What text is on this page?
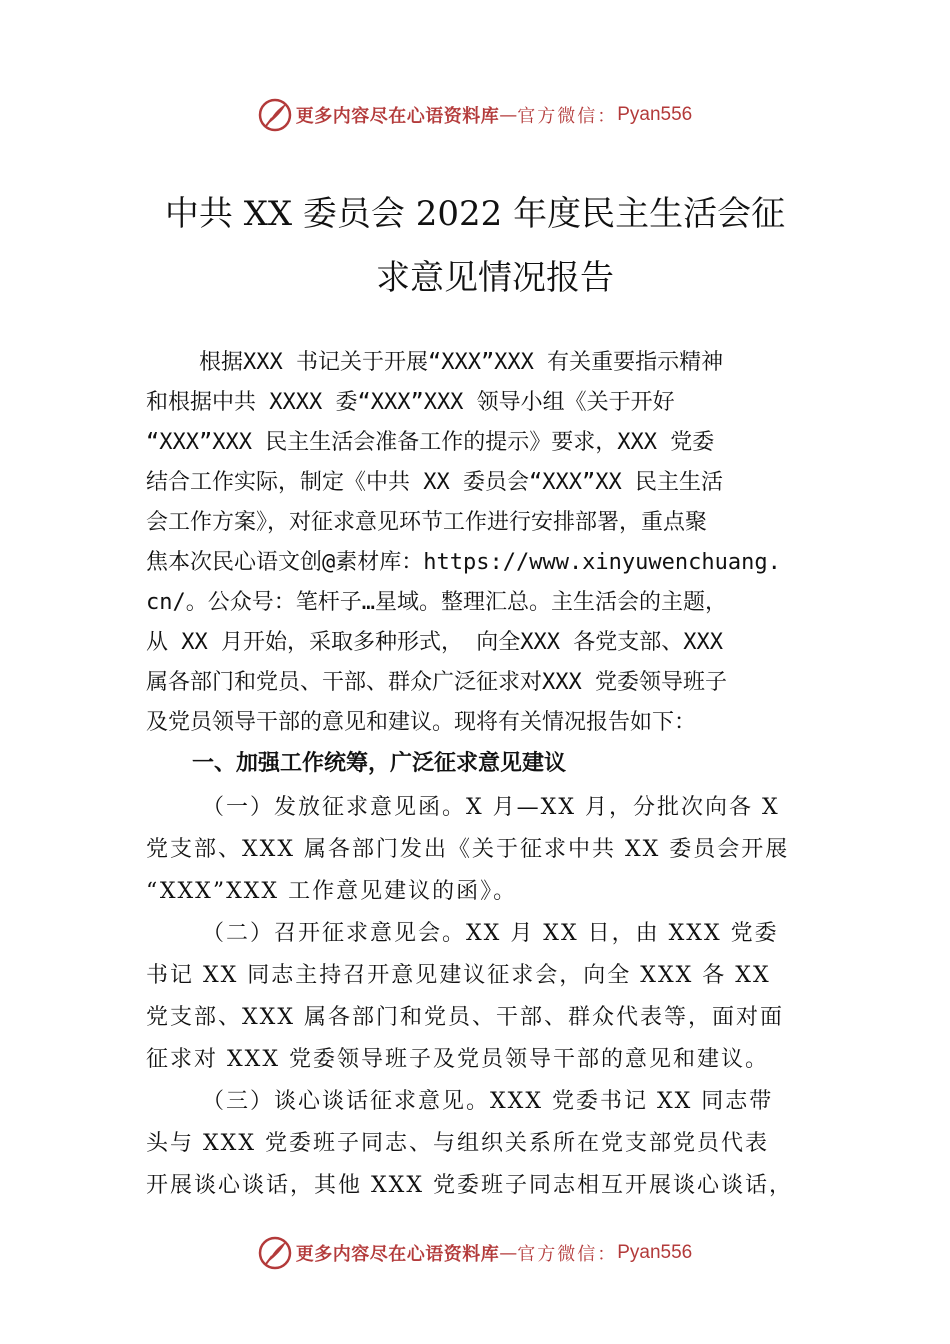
更多内容尽在心语资料库 — 官方微信： Pyan556
中共 XX 委员会 2022 年度民主生活会征
求意见情况报告
根据XXX 书记关于开展“XXX”XXX 有关重要指示精神
和根据中共 XXXX 委“XXX”XXX 领导小组《关于开好
“XXX”XXX 民主生活会准备工作的提示》要求，XXX 党委
结合工作实际，制定《中共 XX 委员会“XXX”XX 民主生活
会工作方案》，对征求意见环节工作进行安排部署，重点聚
焦本次民心语文创@素材库：https://www.xinyuwenchuang.
cn/。公众号：笔杆子…星域。整理汇总。主生活会的主题，
从 XX 月开始，采取多种形式， 向全XXX 各党支部、XXX
属各部门和党员、干部、群众广泛征求对XXX 党委领导班子
及党员领导干部的意见和建议。现将有关情况报告如下：
一、加强工作统筹，广泛征求意见建议
（一）发放征求意见函。X 月—XX 月，分批次向各 X
党支部、XXX 属各部门发出《关于征求中共 XX 委员会开展
“XXX”XXX 工作意见建议的函》。
（二）召开征求意见会。XX 月 XX 日，由 XXX 党委
书记 XX 同志主持召开意见建议征求会，向全 XXX 各 XX
党支部、XXX 属各部门和党员、干部、群众代表等，面对面
征求对 XXX 党委领导班子及党员领导干部的意见和建议。
（三）谈心谈话征求意见。XXX 党委书记 XX 同志带
头与 XXX 党委班子同志、与组织关系所在党支部党员代表
开展谈心谈话，其他 XXX 党委班子同志相互开展谈心谈话，
更多内容尽在心语资料库 — 官方微信： Pyan556
